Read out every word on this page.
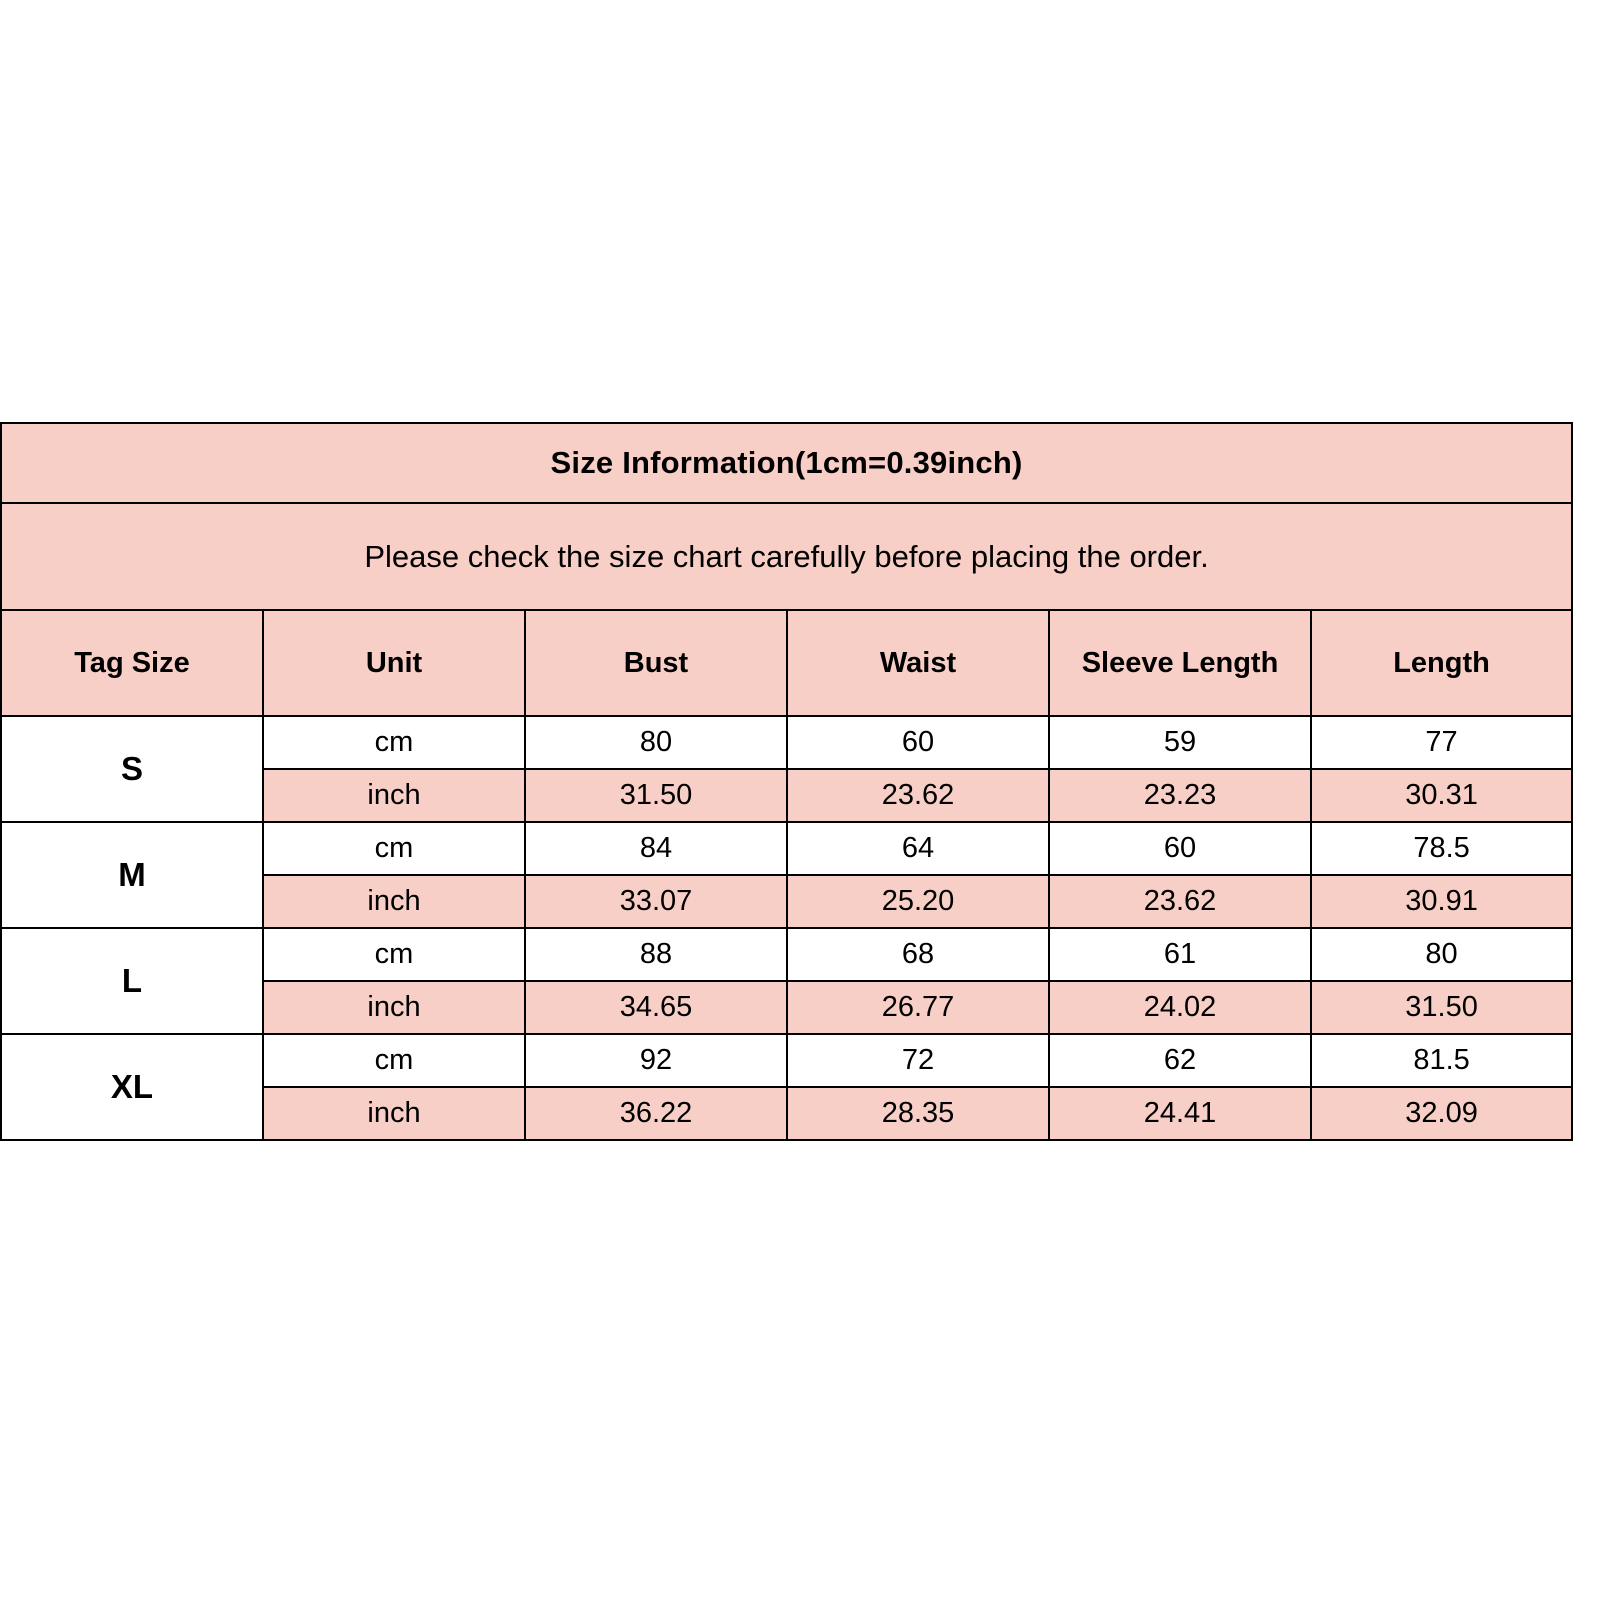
Size Information(1cm=0.39inch)					
Please check the size chart carefully before placing the order.					
Tag Size	Unit	Bust	Waist	Sleeve Length	Length
S	cm	80	60	59	77
	inch	31.50	23.62	23.23	30.31
M	cm	84	64	60	78.5
	inch	33.07	25.20	23.62	30.91
L	cm	88	68	61	80
	inch	34.65	26.77	24.02	31.50
XL	cm	92	72	62	81.5
	inch	36.22	28.35	24.41	32.09
